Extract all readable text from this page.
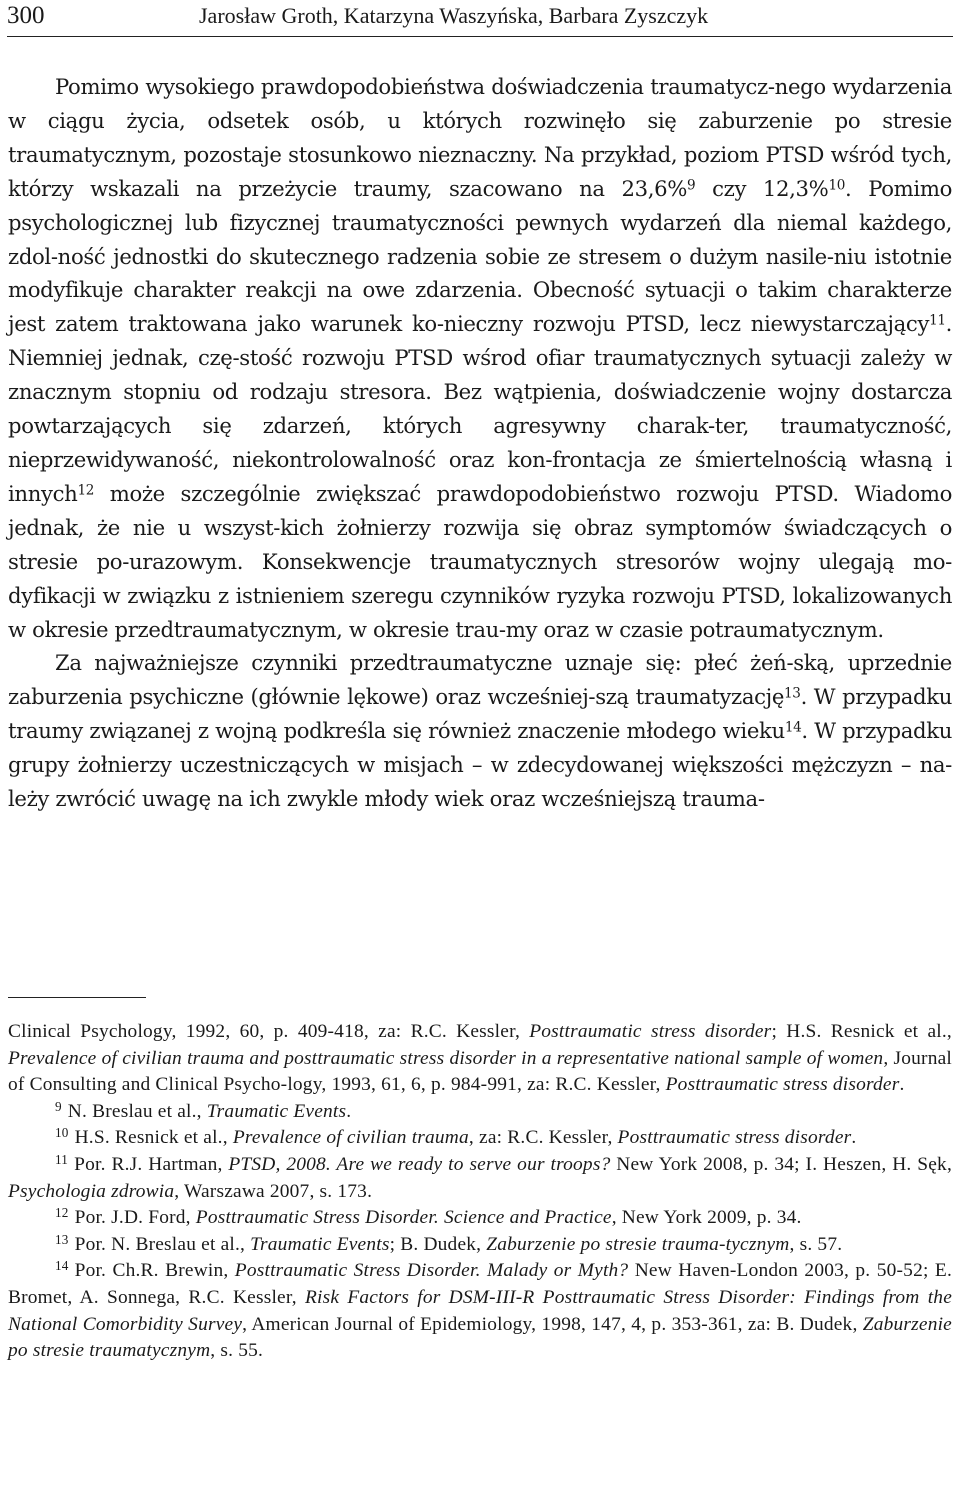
300	Jarosław Groth, Katarzyna Waszyńska, Barbara Zyszczyk

Pomimo wysokiego prawdopodobieństwa doświadczenia traumatycz-nego wydarzenia w ciągu życia, odsetek osób, u których rozwinęło się zaburzenie po stresie traumatycznym, pozostaje stosunkowo nieznaczny. Na przykład, poziom PTSD wśród tych, którzy wskazali na przeżycie traumy, szacowano na 23,6%$^9$ czy 12,3%$^{10}$. Pomimo psychologicznej lub fizycznej traumatyczności pewnych wydarzeń dla niemal każdego, zdol-ność jednostki do skutecznego radzenia sobie ze stresem o dużym nasile-niu istotnie modyfikuje charakter reakcji na owe zdarzenia. Obecność sytuacji o takim charakterze jest zatem traktowana jako warunek ko-nieczny rozwoju PTSD, lecz niewystarczający$^{11}$. Niemniej jednak, czę-stość rozwoju PTSD wśrod ofiar traumatycznych sytuacji zależy w znacznym stopniu od rodzaju stresora. Bez wątpienia, doświadczenie wojny dostarcza powtarzających się zdarzeń, których agresywny charak-ter, traumatyczność, nieprzewidywaność, niekontrolowalność oraz kon-frontacja ze śmiertelnością własną i innych$^{12}$ może szczególnie zwiększać prawdopodobieństwo rozwoju PTSD. Wiadomo jednak, że nie u wszyst-kich żołnierzy rozwija się obraz symptomów świadczących o stresie po-urazowym. Konsekwencje traumatycznych stresorów wojny ulegają mo-dyfikacji w związku z istnieniem szeregu czynników ryzyka rozwoju PTSD, lokalizowanych w okresie przedtraumatycznym, w okresie trau-my oraz w czasie potraumatycznym.

Za najważniejsze czynniki przedtraumatyczne uznaje się: płeć żeń-ską, uprzednie zaburzenia psychiczne (głównie lękowe) oraz wcześniej-szą traumatyzację$^{13}$. W przypadku traumy związanej z wojną podkreśla się również znaczenie młodego wieku$^{14}$. W przypadku grupy żołnierzy uczestniczących w misjach – w zdecydowanej większości mężczyzn – na-leży zwrócić uwagę na ich zwykle młody wiek oraz wcześniejszą trauma-

Clinical Psychology, 1992, 60, p. 409-418, za: R.C. Kessler, Posttraumatic stress disorder; H.S. Resnick et al., Prevalence of civilian trauma and posttraumatic stress disorder in a representative national sample of women, Journal of Consulting and Clinical Psycho-logy, 1993, 61, 6, p. 984-991, za: R.C. Kessler, Posttraumatic stress disorder.

$^9$ N. Breslau et al., Traumatic Events.

$^{10}$ H.S. Resnick et al., Prevalence of civilian trauma, za: R.C. Kessler, Posttraumatic stress disorder.

$^{11}$ Por. R.J. Hartman, PTSD, 2008. Are we ready to serve our troops? New York 2008, p. 34; I. Heszen, H. Sęk, Psychologia zdrowia, Warszawa 2007, s. 173.

$^{12}$ Por. J.D. Ford, Posttraumatic Stress Disorder. Science and Practice, New York 2009, p. 34.

$^{13}$ Por. N. Breslau et al., Traumatic Events; B. Dudek, Zaburzenie po stresie trauma-tycznym, s. 57.

$^{14}$ Por. Ch.R. Brewin, Posttraumatic Stress Disorder. Malady or Myth? New Haven-London 2003, p. 50-52; E. Bromet, A. Sonnega, R.C. Kessler, Risk Factors for DSM-III-R Posttraumatic Stress Disorder: Findings from the National Comorbidity Survey, American Journal of Epidemiology, 1998, 147, 4, p. 353-361, za: B. Dudek, Zaburzenie po stresie traumatycznym, s. 55.
